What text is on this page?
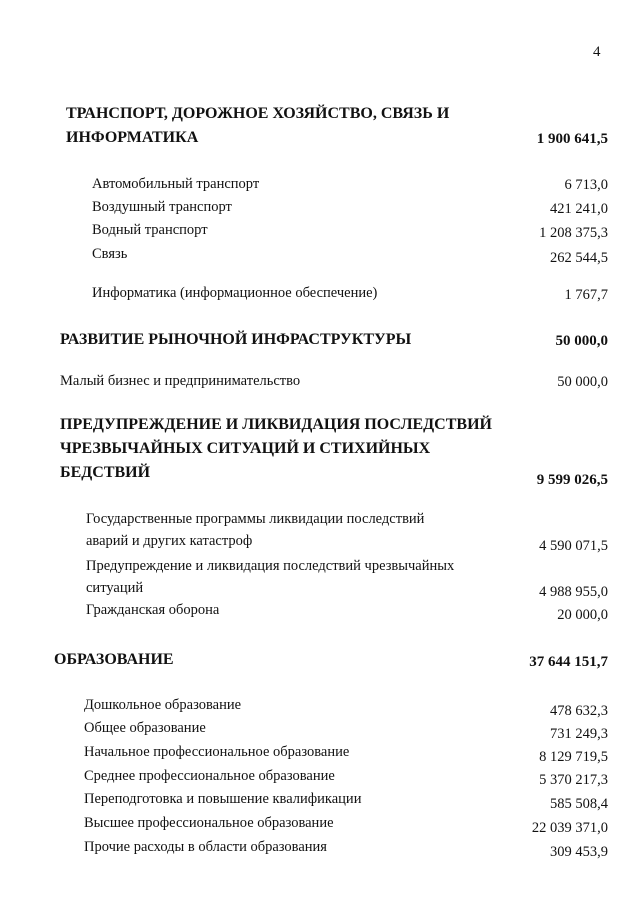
4
ТРАНСПОРТ, ДОРОЖНОЕ ХОЗЯЙСТВО, СВЯЗЬ И
ИНФОРМАТИКА	1 900 641,5
Автомобильный транспорт	6 713,0
Воздушный транспорт	421 241,0
Водный транспорт	1 208 375,3
Связь	262 544,5
Информатика (информационное обеспечение)	1 767,7
РАЗВИТИЕ РЫНОЧНОЙ ИНФРАСТРУКТУРЫ	50 000,0
Малый бизнес и предпринимательство	50 000,0
ПРЕДУПРЕЖДЕНИЕ И ЛИКВИДАЦИЯ ПОСЛЕДСТВИЙ
ЧРЕЗВЫЧАЙНЫХ СИТУАЦИЙ И СТИХИЙНЫХ
БЕДСТВИЙ	9 599 026,5
Государственные программы ликвидации последствий
аварий и других катастроф	4 590 071,5
Предупреждение и ликвидация последствий чрезвычайных
ситуаций	4 988 955,0
Гражданская оборона	20 000,0
ОБРАЗОВАНИЕ	37 644 151,7
Дошкольное образование	478 632,3
Общее образование	731 249,3
Начальное профессиональное образование	8 129 719,5
Среднее профессиональное образование	5 370 217,3
Переподготовка и повышение квалификации	585 508,4
Высшее профессиональное образование	22 039 371,0
Прочие расходы в области образования	309 453,9
